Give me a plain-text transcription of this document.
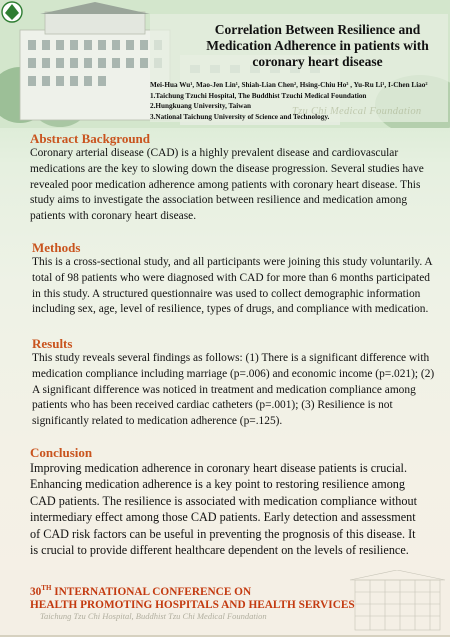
Correlation Between Resilience and Medication Adherence in patients with coronary heart disease
Mei-Hua Wu¹, Mao-Jen Lin¹, Shiah-Lian Chen², Hsing-Chiu Ho³ , Yu-Ru Li¹, I-Chen Liao²
1.Taichung Tzuchi Hospital, The Buddhist Tzuchi Medical Foundation
2.Hungkuang University, Taiwan
3.National Taichung University of Science and Technology.
Tzu Chi Medical Foundation
Abstract Background
Coronary arterial disease (CAD) is a highly prevalent disease and cardiovascular medications are the key to slowing down the disease progression. Several studies have revealed poor medication adherence among patients with coronary heart disease. This study aims to investigate the association between resilience and medication among patients with coronary heart disease.
Methods
This is a cross-sectional study, and all participants were joining this study voluntarily. A total of 98 patients who were diagnosed with CAD for more than 6 months participated in this study. A structured questionnaire was used to collect demographic information including sex, age, level of resilience, types of drugs, and compliance with medication.
Results
This study reveals several findings as follows: (1) There is a significant difference with medication compliance including marriage (p=.006) and economic income (p=.021); (2) A significant difference was noticed in treatment and medication compliance among patients who has been received cardiac catheters (p=.001); (3) Resilience is not significantly related to medication adherence (p=.125).
Conclusion
Improving medication adherence in coronary heart disease patients is crucial. Enhancing medication adherence is a key point to restoring resilience among CAD patients. The resilience is associated with medication compliance without intermediary effect among those CAD patients. Early detection and assessment of CAD risk factors can be useful in preventing the prognosis of this disease. It is crucial to provide different healthcare dependent on the levels of resilience.
30TH INTERNATIONAL CONFERENCE ON
HEALTH PROMOTING HOSPITALS AND HEALTH SERVICES
Taichung Tzu Chi Hospital, Buddhist Tzu Chi Medical Foundation
